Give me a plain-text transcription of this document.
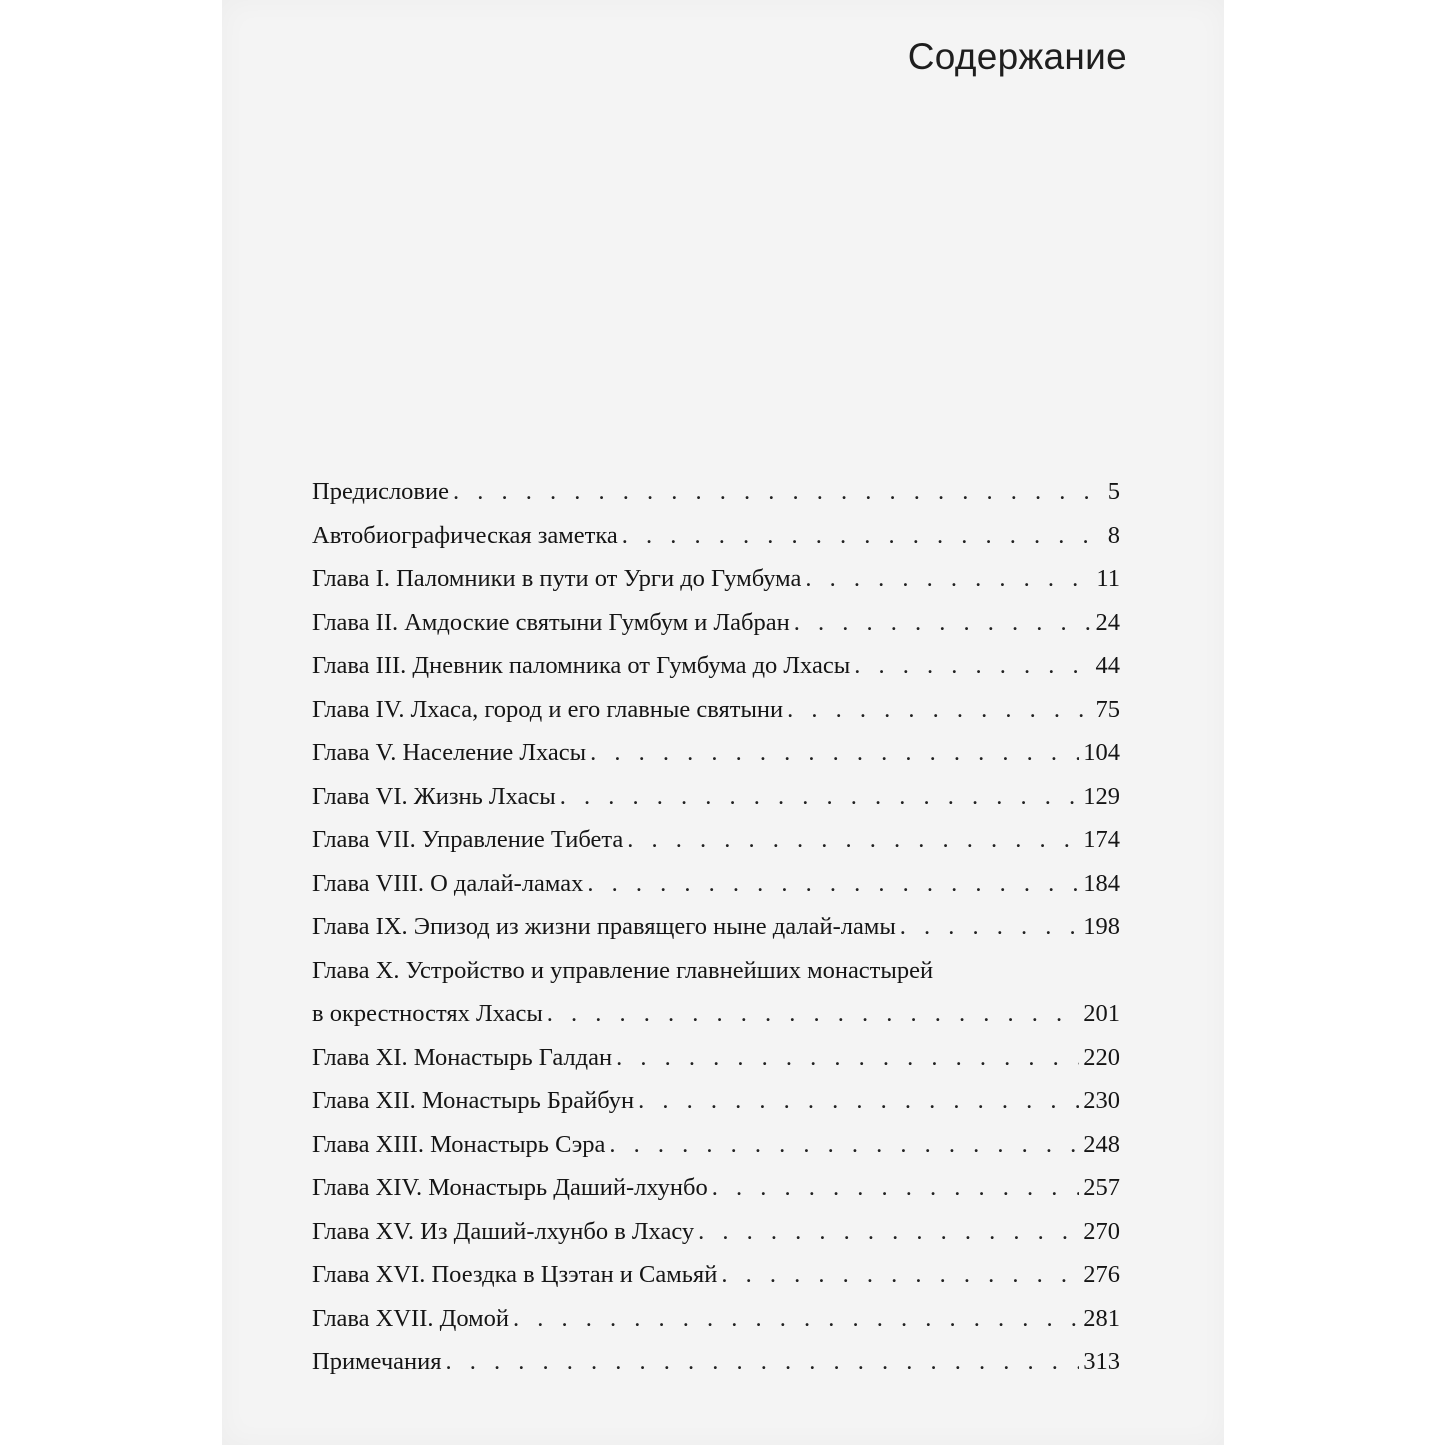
Содержание
Предисловие . . .	5
Автобиографическая заметка . . .	8
Глава I. Паломники в пути от Урги до Гумбума . . .	11
Глава II. Амдоские святыни Гумбум и Лабран . . .	24
Глава III. Дневник паломника от Гумбума до Лхасы . . .	44
Глава IV. Лхаса, город и его главные святыни . . .	75
Глава V. Население Лхасы . . .	104
Глава VI. Жизнь Лхасы . . .	129
Глава VII. Управление Тибета . . .	174
Глава VIII. О далай-ламах . . .	184
Глава IX. Эпизод из жизни правящего ныне далай-ламы . . .	198
Глава X. Устройство и управление главнейших монастырей
в окрестностях Лхасы . . .	201
Глава XI. Монастырь Галдан . . .	220
Глава XII. Монастырь Брайбун . . .	230
Глава XIII. Монастырь Сэра . . .	248
Глава XIV. Монастырь Даший-лхунбо . . .	257
Глава XV. Из Даший-лхунбо в Лхасу . . .	270
Глава XVI. Поездка в Цзэтан и Самьяй . . .	276
Глава XVII. Домой . . .	281
Примечания . . .	313
